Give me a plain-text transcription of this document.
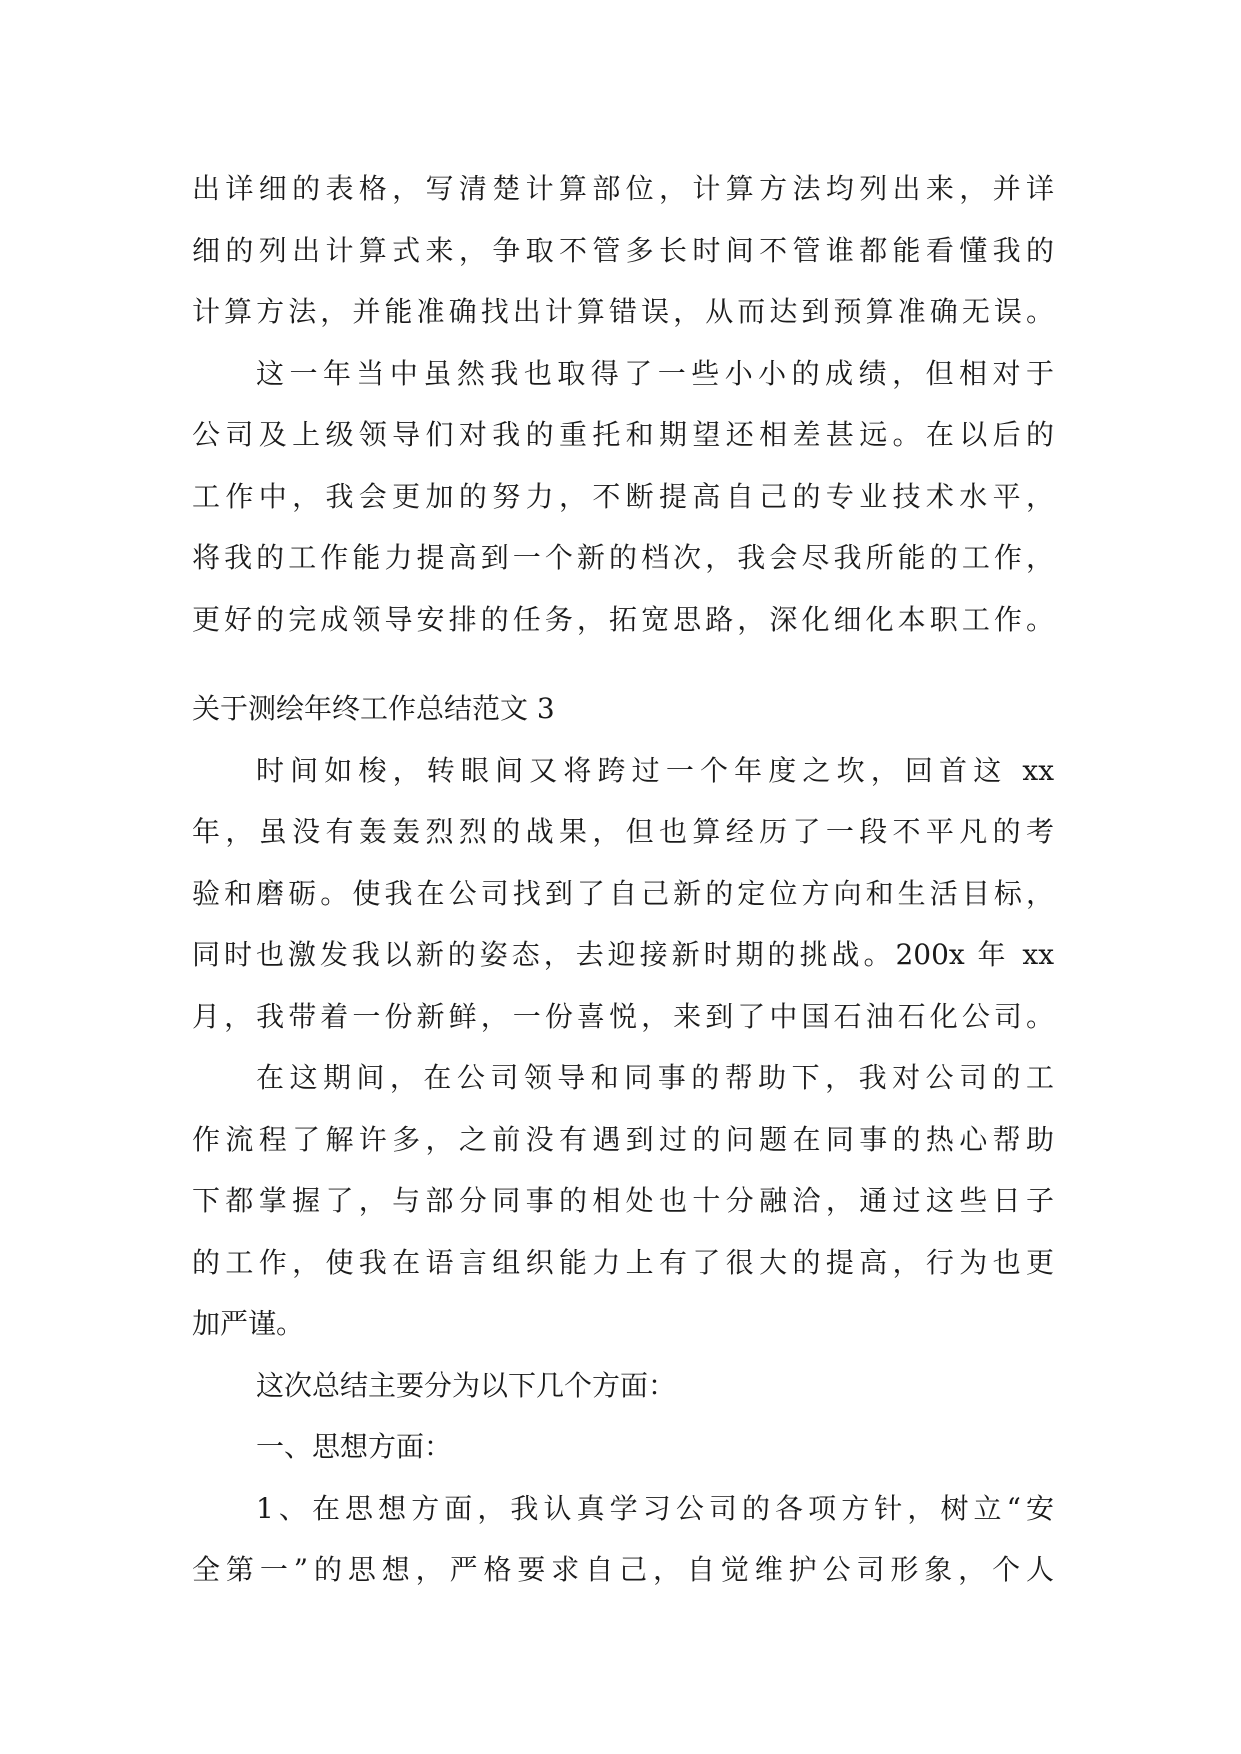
出详细的表格，写清楚计算部位，计算方法均列出来，并详
细的列出计算式来，争取不管多长时间不管谁都能看懂我的
计算方法，并能准确找出计算错误，从而达到预算准确无误。
这一年当中虽然我也取得了一些小小的成绩，但相对于
公司及上级领导们对我的重托和期望还相差甚远。在以后的
工作中，我会更加的努力，不断提高自己的专业技术水平，
将我的工作能力提高到一个新的档次，我会尽我所能的工作，
更好的完成领导安排的任务，拓宽思路，深化细化本职工作。
关于测绘年终工作总结范文 3
时间如梭，转眼间又将跨过一个年度之坎，回首这 xx
年，虽没有轰轰烈烈的战果，但也算经历了一段不平凡的考
验和磨砺。使我在公司找到了自己新的定位方向和生活目标，
同时也激发我以新的姿态，去迎接新时期的挑战。200x 年 xx
月，我带着一份新鲜，一份喜悦，来到了中国石油石化公司。
在这期间，在公司领导和同事的帮助下，我对公司的工
作流程了解许多，之前没有遇到过的问题在同事的热心帮助
下都掌握了，与部分同事的相处也十分融洽，通过这些日子
的工作，使我在语言组织能力上有了很大的提高，行为也更
加严谨。
这次总结主要分为以下几个方面：
一、思想方面：
1、在思想方面，我认真学习公司的各项方针，树立“安
全第一”的思想，严格要求自己，自觉维护公司形象，个人
